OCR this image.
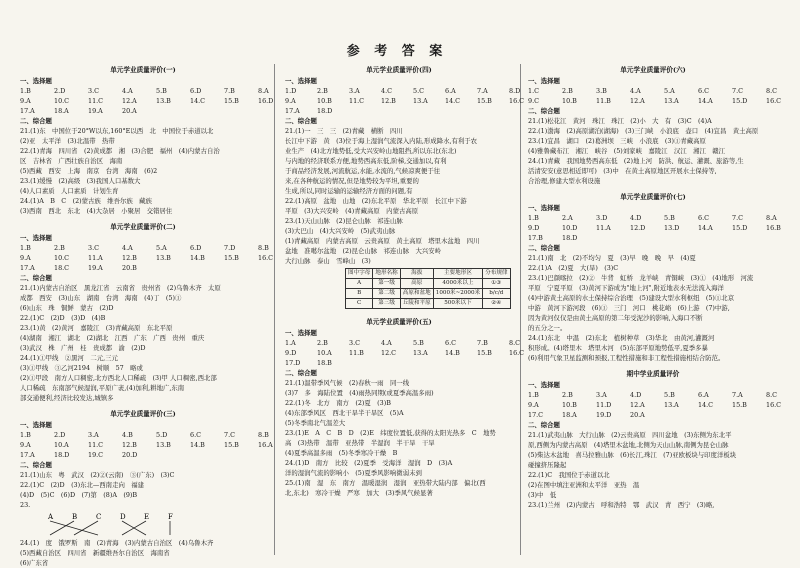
参 考 答 案
单元学业质量评价(一)
一、选择题
1.B	2.D	3.C	4.A	5.B	6.D	7.B	8.A
9.A	10.C	11.C	12.A	13.B	14.C	15.B	16.D
17.A	18.A	19.A	20.A
二、综合题
21.(1)东　中国位于20°W以东,160°E以西　北　中国位于赤道以北
(2)亚　太平洋　(3)北温带　热带
22.(1)青海　四川省　(2)黄成都　湘　(3)合肥　福州　(4)内蒙古自治
区　吉林省　广西壮族自治区　海南
(5)西藏　西安　上海　南京　台湾　海南　(6)2
23.(1)缓慢　(2)高级　(3)我国人口基数大
(4)人口素质　人口素质　计划生育
24.(1)A　B　C　(2)蒙古族　维吾尔族　藏族
(3)西南　西北　东北　(4)大杂居　小聚居　交错居住
单元学业质量评价(二)
一、选择题
1.B	2.B	3.C	4.A	5.A	6.D	7.D	8.B
9.A	10.C	11.A	12.B	13.B	14.B	15.B	16.C
17.A	18.C	19.A	20.B
二、综合题
21.(1)内蒙古自治区　黑龙江省　云南省　贵州省　(2)乌鲁木齐　太原
成都　西安　(3)山东　湖南　台湾　海南　(4)丁　(5)①
(6)山东　珠　铜鲜　蒙古　(2)D
22.(1)C　(2)D　(3)D　(4)B
23.(1)黄　(2)黄河　嘉陵江　(3)青藏高原　东北平原
(4)湖南　湘江　湖北　(2)湖北　江西　广东　广西　贵州　重庆
(3)武汉　株　广州　桂　贵成都　渝　(2)D
24.(1)①甲线　②黑河　二元,三元
(3)①甲线　③乙河2194　树顺　57　略或
(2)①甲段　南方人口稠密,北方西北人口稀疏　(3)甲 人口稠密,西北部
人口稀疏　东南部气候湿润,平原广袤,(4)加利,耕地广,东南
部交通便利,经济比较发达,城镇多
单元学业质量评价(三)
一、选择题
1.B	2.D	3.A	4.B	5.D	6.C	7.C	8.B
9.A	10.A	11.C	12.B	13.B	14.B	15.B	16.A
17.A	18.D	19.C	20.D
二、综合题
21.(1)山东　粤　武汉　(2)②(云南)　③(广东)　(3)C
22.(1)C　(2)D　(3)东北—西南走向　福建
(4)D　(5)C　(6)D　(7)第　(8)A　(9)B
23.
A	B	C	D	E	F
24.(1)　度　饿罗斯　南　(2)青海　(3)内蒙古自治区　(4)乌鲁木齐
(5)西藏自治区　四川省　新疆维吾尔自治区　海南省
(6)广东省
单元学业质量评价(四)
一、选择题
1.D	2.B	3.A	4.C	5.C	6.A	7.A	8.D
9.A	10.B	11.C	12.B	13.A	14.C	15.B	16.C
17.A	18.D
二、综合题
21.(1)一　三　三　(2)青藏　横断　四川
长江中下游　黄　(3)位于海上湿润气流深入内陆,形成降水,有利于农
业生产　(4)北方地势低,受大兴安岭山地阻挡,所以东北(东北)
与内地的经济联系方便,地势西高东低,阶梯,交通加以,有利
于商品经济发展,河流航运,水能,水流的,气候凉爽便于往
来,在各种航运的情况,但是地势较为平坦,重要的
生成,所以,同时运输的运输经济方面的问题,有
22.(1)高原　盆地　山地　(2)东北平原　华北平原　长江中下游
平原　(3)大兴安岭　(4)青藏高原　内蒙古高原
23.(1)天山山脉　(2)昆仑山脉　祁连山脉
(3)大巴山　(4)大兴安岭　(5)武夷山脉
(1)青藏高原　内蒙古高原　云贵高原　黄土高原　塔里木盆地　四川
盆地　准噶尔盆地　(2)昆仑山脉　祁连山脉　大兴安岭
大行山脉　泰山　雪峰山　(3)
图中字母	地形名称	海拔	主要地形区	分布规律
A	第一级	高原	4000米以上	①③
B	第二级	高原和盆地	1000米~2000米	b/c/d
C	第三级	丘陵和平原	500米以下	②④
单元学业质量评价(五)
一、选择题
1.A	2.B	3.C	4.A	5.B	6.C	7.B	8.C
9.D	10.A	11.B	12.C	13.A	14.B	15.B	16.C
17.D	18.B
二、综合题
21.(1)温带季风气候　(2)春秋一雨　同一线
(3)7　多　海陆位置　(4)雨热同期(或夏季高温多雨)
22.(1)冬　北方　南方　(2)夏　(3)B
(4)东部季风区　西北干旱半干旱区　(5)A
(5)冬季南北气温差大
23.(1)E　A　C　B　D　(2)E　纬度位置低,获得的太阳光热多　C　地势
高　(3)热带　温带　亚热带　半湿润　半干旱　干旱　　
(4)夏季高温多雨　(5)冬季寒冷干燥　B
24.(1)D　南方　比较　(2)夏季　受海洋　湿润　D　(3)A
洋的湿润气流的影响小　(5)夏季风影响微弱未到
25.(1)南　湿　东　南方　温暖湿润　湿润　亚热带大陆内部　偏北(西
北,东北)　寒冷干燥　严寒　加大　(3)季风气候显著
单元学业质量评价(六)
一、选择题
1.C	2.B	3.B	4.A	5.A	6.C	7.C	8.C
9.C	10.B	11.B	12.A	13.A	14.A	15.D	16.C
二、综合题
21.(1)松花江　黄河　珠江　珠江　(2)小　大　有　(3)C　(4)A
22.(1)渤海　(2)高原湖泊(湖海)　(3)三门峡　小浪底　壶口　(4)宜昌　黄土高原
23.(1)宜昌　湖口　(2)葛洲坝　三峡　小浪底　(3)①青藏高原
(4)雅鲁藏布江　湘江　峡谷　(5)刘家峡　嘉陵江　汉江　湘江　赣江
24.(1)青藏　我国地势西高东低　(2)地上河　防洪、航运、灌溉、旅游等,生
活清安安(意思相近即可)　(3)中　在黄土高原地区开展水土保持等,
合治理,修建大型水利设施
单元学业质量评价(七)
一、选择题
1.B	2.A	3.D	4.D	5.B	6.C	7.C	8.A
9.D	10.D	11.A	12.D	13.D	14.A	15.D	16.B
17.B	18.D
二、综合题
21.(1)南　北　(2)不均匀　夏　(3)早　晚　晚　早　(4)夏
22.(1)A　(2)夏　大(旱)　(3)C
23.(1)巴颜喀拉　(2)②　牛背　虹桥　龙羊峡　青铜峡　(3)①　(4)地形　河流
平原　宁夏平原　(3)黄河下游成为"地上河",附近地表水无法流入海洋
(4)中游黄土高原的水土保持综合治理　(5)建设大型水利枢纽　(5)①北京
中游　黄河下游河段　(6)①　三门　河口　桃花峪　(6)上游　(7)中游,
因为黄河仅仅是由黄土高原的第二年受泥沙的影响,入海口不断
的五分之一。
24.(1)东北　中温　(2)东北　植树种草　(3)华北　由黄河,灌溉河
积形成。(4)塔里木　塔里木河　(5)东部平原地势低平,夏季多暴
(6)利用气象卫星监测和预报,工程性措施和非工程性措施相结合防范。
期中学业质量评价
一、选择题
1.B	2.B	3.A	4.D	5.B	6.A	7.A	8.C
9.A	10.B	11.D	12.A	13.A	14.C	15.B	16.C
17.C	18.A	19.D	20.A
二、综合题
21.(1)武夷山脉　大行山脉　(2)云贵高原　四川盆地　(3)东侧为东北平
原,西侧为内蒙古高原　(4)塔里木盆地,北侧为天山山脉,南侧为昆仑山脉
(5)柴达木盆地　喜马拉雅山脉　(6)长江,珠江　(7)亚欧板块与印度洋板块
碰撞挤压隆起
22.(1)C　我国位于赤道以北
(2)在图中填注亚洲和太平洋　亚热　温
(3)中　低
23.(1)兰州　(2)内蒙古　呼和浩特　鄂　武汉　青　西宁　(3)略,
